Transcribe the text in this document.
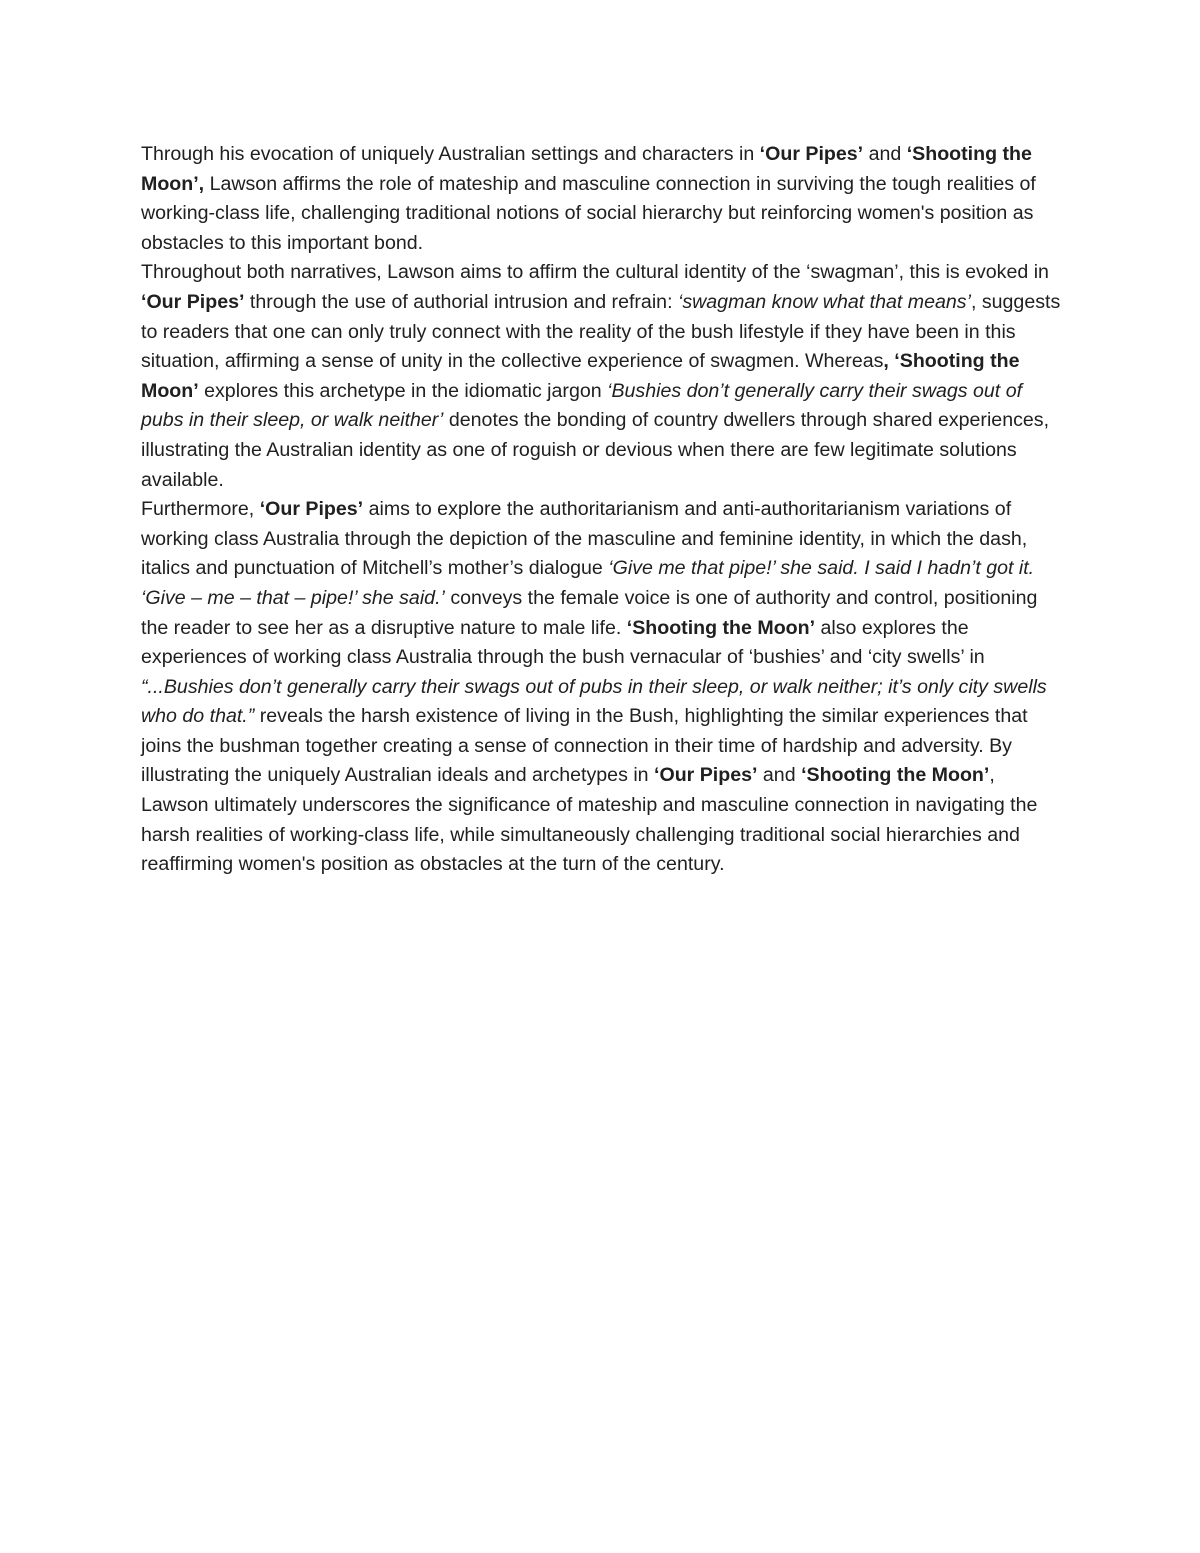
Through his evocation of uniquely Australian settings and characters in ‘Our Pipes’ and ‘Shooting the Moon’, Lawson affirms the role of mateship and masculine connection in surviving the tough realities of working-class life, challenging traditional notions of social hierarchy but reinforcing women's position as obstacles to this important bond.

Throughout both narratives, Lawson aims to affirm the cultural identity of the ‘swagman’, this is evoked in ‘Our Pipes’ through the use of authorial intrusion and refrain: ‘swagman know what that means’, suggests to readers that one can only truly connect with the reality of the bush lifestyle if they have been in this situation, affirming a sense of unity in the collective experience of swagmen. Whereas, ‘Shooting the Moon’ explores this archetype in the idiomatic jargon ‘Bushies don’t generally carry their swags out of pubs in their sleep, or walk neither’ denotes the bonding of country dwellers through shared experiences, illustrating the Australian identity as one of roguish or devious when there are few legitimate solutions available.

Furthermore, ‘Our Pipes’ aims to explore the authoritarianism and anti-authoritarianism variations of working class Australia through the depiction of the masculine and feminine identity, in which the dash, italics and punctuation of Mitchell’s mother’s dialogue ‘Give me that pipe!’ she said. I said I hadn’t got it. ‘Give – me – that – pipe!’ she said.’ conveys the female voice is one of authority and control, positioning the reader to see her as a disruptive nature to male life. ‘Shooting the Moon’ also explores the experiences of working class Australia through the bush vernacular of ‘bushies’ and ‘city swells’ in “...Bushies don’t generally carry their swags out of pubs in their sleep, or walk neither; it’s only city swells who do that.” reveals the harsh existence of living in the Bush, highlighting the similar experiences that joins the bushman together creating a sense of connection in their time of hardship and adversity. By illustrating the uniquely Australian ideals and archetypes in ‘Our Pipes’ and ‘Shooting the Moon’, Lawson ultimately underscores the significance of mateship and masculine connection in navigating the harsh realities of working-class life, while simultaneously challenging traditional social hierarchies and reaffirming women's position as obstacles at the turn of the century.
